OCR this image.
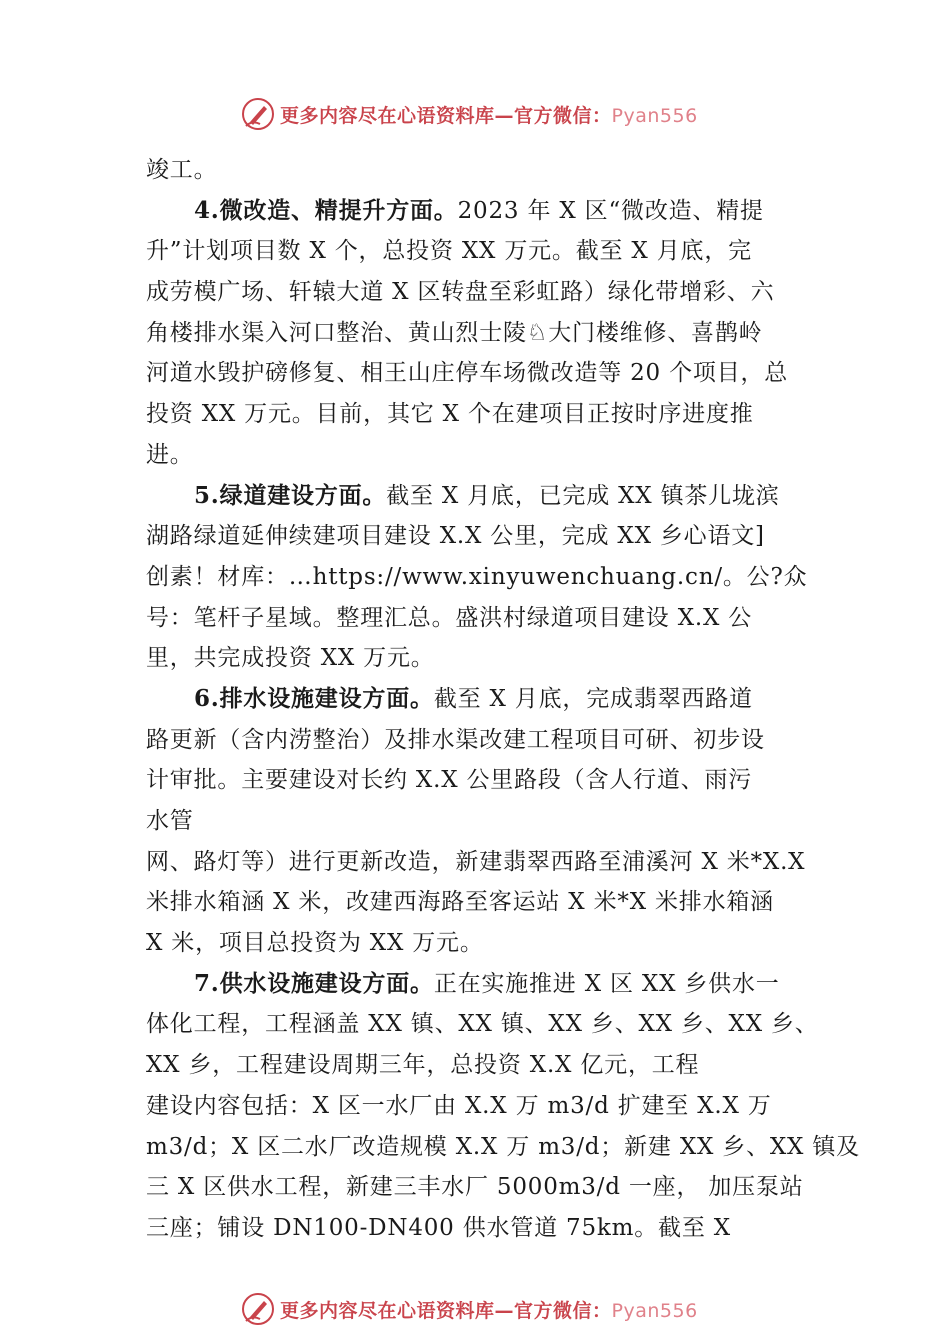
更多内容尽在心语资料库—官方微信：Pyan556
竣工。
4.微改造、精提升方面。2023 年 X 区“微改造、精提
升”计划项目数 X 个，总投资 XX 万元。截至 X 月底，完
成劳模广场、轩辕大道 X 区转盘至彩虹路）绿化带增彩、六
角楼排水渠入河口整治、黄山烈士陵♘大门楼维修、喜鹊岭
河道水毁护磅修复、相王山庄停车场微改造等 20 个项目，总
投资 XX 万元。目前，其它 X 个在建项目正按时序进度推
进。
5.绿道建设方面。截至 X 月底，已完成 XX 镇茶儿垅滨
湖路绿道延伸续建项目建设 X.X 公里，完成 XX 乡心语文]
创素！材库：…https://www.xinyuwenchuang.cn/。公?众
号：笔杆子星域。整理汇总。盛洪村绿道项目建设 X.X 公
里，共完成投资 XX 万元。
6.排水设施建设方面。截至 X 月底，完成翡翠西路道
路更新（含内涝整治）及排水渠改建工程项目可研、初步设
计审批。主要建设对长约 X.X 公里路段（含人行道、雨污
水管
网、路灯等）进行更新改造，新建翡翠西路至浦溪河 X 米*X.X
米排水箱涵 X 米，改建西海路至客运站 X 米*X 米排水箱涵
X 米，项目总投资为 XX 万元。
7.供水设施建设方面。正在实施推进 X 区 XX 乡供水一
体化工程，工程涵盖 XX 镇、XX 镇、XX 乡、XX 乡、XX 乡、
XX 乡，工程建设周期三年，总投资 X.X 亿元，工程
建设内容包括：X 区一水厂由 X.X 万 m3/d 扩建至 X.X 万
m3/d；X 区二水厂改造规模 X.X 万 m3/d；新建 XX 乡、XX 镇及
三 X 区供水工程，新建三丰水厂 5000m3/d 一座， 加压泵站
三座；铺设 DN100-DN400 供水管道 75km。截至 X
更多内容尽在心语资料库—官方微信：Pyan556
